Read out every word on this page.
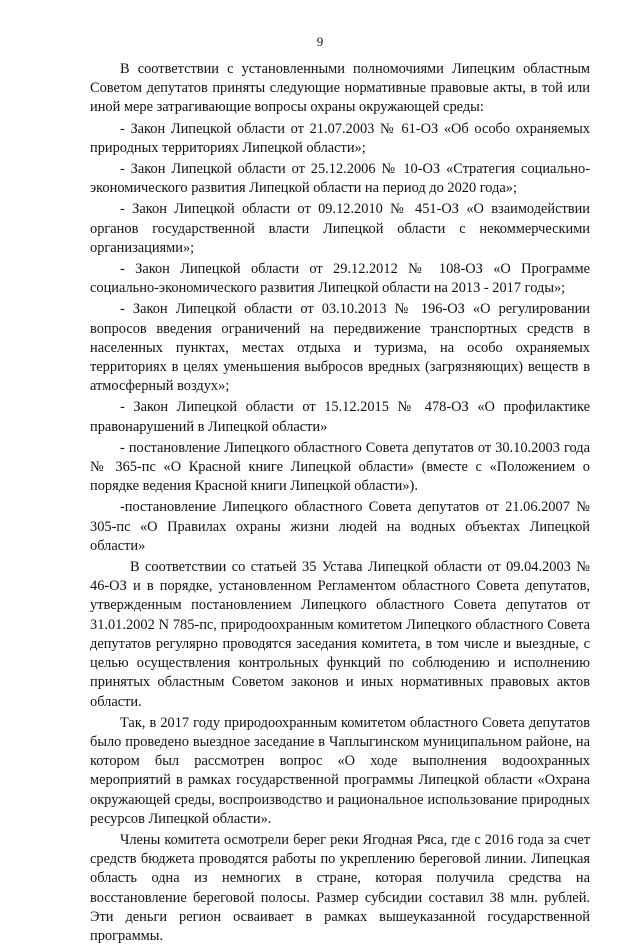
9

В соответствии с установленными полномочиями Липецким областным Советом депутатов приняты следующие нормативные правовые акты, в той или иной мере затрагивающие вопросы охраны окружающей среды:

- Закон Липецкой области от 21.07.2003 № 61-ОЗ «Об особо охраняемых природных территориях Липецкой области»;

- Закон Липецкой области от 25.12.2006 № 10-ОЗ «Стратегия социально-экономического развития Липецкой области на период до 2020 года»;

- Закон Липецкой области от 09.12.2010 № 451-ОЗ «О взаимодействии органов государственной власти Липецкой области с некоммерческими организациями»;

- Закон Липецкой области от 29.12.2012 № 108-ОЗ «О Программе социально-экономического развития Липецкой области на 2013 - 2017 годы»;

- Закон Липецкой области от 03.10.2013 № 196-ОЗ «О регулировании вопросов введения ограничений на передвижение транспортных средств в населенных пунктах, местах отдыха и туризма, на особо охраняемых территориях в целях уменьшения выбросов вредных (загрязняющих) веществ в атмосферный воздух»;

- Закон Липецкой области от 15.12.2015 № 478-ОЗ «О профилактике правонарушений в Липецкой области»

- постановление Липецкого областного Совета депутатов от 30.10.2003 года № 365-пс «О Красной книге Липецкой области» (вместе с «Положением о порядке ведения Красной книги Липецкой области»).

-постановление Липецкого областного Совета депутатов от 21.06.2007 № 305-пс «О Правилах охраны жизни людей на водных объектах Липецкой области»

В соответствии со статьей 35 Устава Липецкой области от 09.04.2003 № 46-ОЗ и в порядке, установленном Регламентом областного Совета депутатов, утвержденным постановлением Липецкого областного Совета депутатов от 31.01.2002 N 785-пс, природоохранным комитетом Липецкого областного Совета депутатов регулярно проводятся заседания комитета, в том числе и выездные, с целью осуществления контрольных функций по соблюдению и исполнению принятых областным Советом законов и иных нормативных правовых актов области.

Так, в 2017 году природоохранным комитетом областного Совета депутатов было проведено выездное заседание в Чаплыгинском муниципальном районе, на котором был рассмотрен вопрос «О ходе выполнения водоохранных мероприятий в рамках государственной программы Липецкой области «Охрана окружающей среды, воспроизводство и рациональное использование природных ресурсов Липецкой области».

Члены комитета осмотрели берег реки Ягодная Ряса, где с 2016 года за счет средств бюджета проводятся работы по укреплению береговой линии. Липецкая область одна из немногих в стране, которая получила средства на восстановление береговой полосы. Размер субсидии составил 38 млн. рублей. Эти деньги регион осваивает в рамках вышеуказанной государственной программы.
